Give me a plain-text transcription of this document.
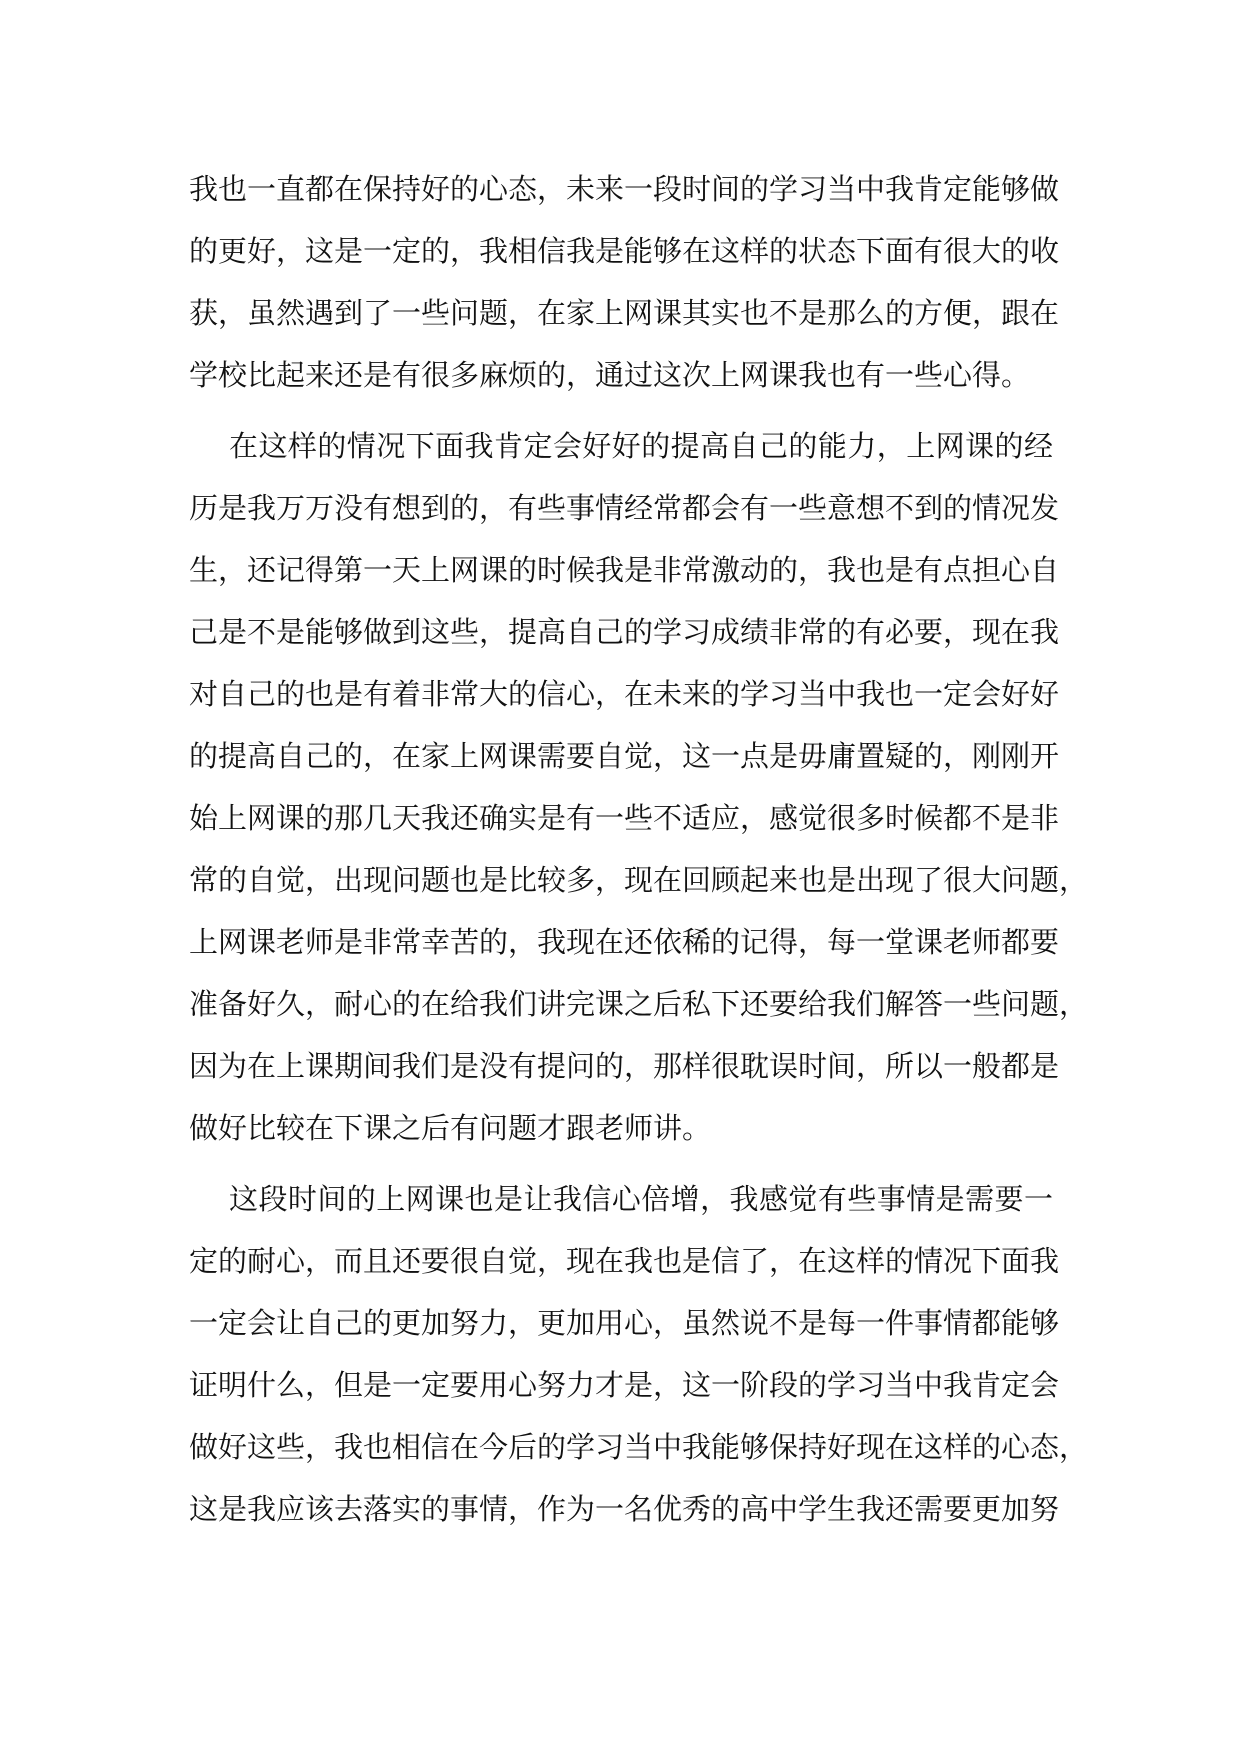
我也一直都在保持好的心态，未来一段时间的学习当中我肯定能够做
的更好，这是一定的，我相信我是能够在这样的状态下面有很大的收
获，虽然遇到了一些问题，在家上网课其实也不是那么的方便，跟在
学校比起来还是有很多麻烦的，通过这次上网课我也有一些心得。
在这样的情况下面我肯定会好好的提高自己的能力，上网课的经
历是我万万没有想到的，有些事情经常都会有一些意想不到的情况发
生，还记得第一天上网课的时候我是非常激动的，我也是有点担心自
己是不是能够做到这些，提高自己的学习成绩非常的有必要，现在我
对自己的也是有着非常大的信心，在未来的学习当中我也一定会好好
的提高自己的，在家上网课需要自觉，这一点是毋庸置疑的，刚刚开
始上网课的那几天我还确实是有一些不适应，感觉很多时候都不是非
常的自觉，出现问题也是比较多，现在回顾起来也是出现了很大问题，
上网课老师是非常幸苦的，我现在还依稀的记得，每一堂课老师都要
准备好久，耐心的在给我们讲完课之后私下还要给我们解答一些问题，
因为在上课期间我们是没有提问的，那样很耽误时间，所以一般都是
做好比较在下课之后有问题才跟老师讲。
这段时间的上网课也是让我信心倍增，我感觉有些事情是需要一
定的耐心，而且还要很自觉，现在我也是信了，在这样的情况下面我
一定会让自己的更加努力，更加用心，虽然说不是每一件事情都能够
证明什么，但是一定要用心努力才是，这一阶段的学习当中我肯定会
做好这些，我也相信在今后的学习当中我能够保持好现在这样的心态，
这是我应该去落实的事情，作为一名优秀的高中学生我还需要更加努
